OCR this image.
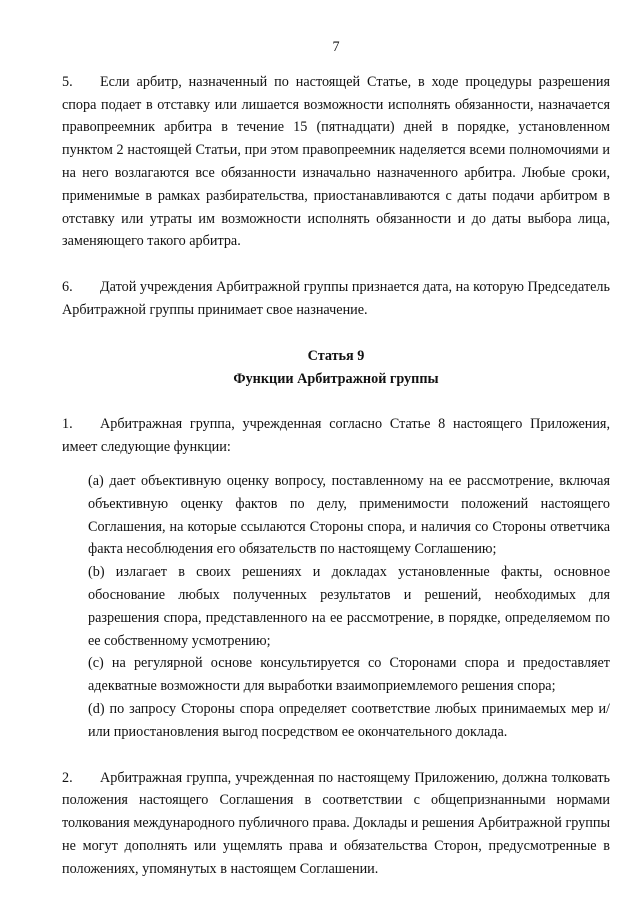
7

5. Если арбитр, назначенный по настоящей Статье, в ходе процедуры разрешения спора подает в отставку или лишается возможности исполнять обязанности, назначается правопреемник арбитра в течение 15 (пятнадцати) дней в порядке, установленном пунктом 2 настоящей Статьи, при этом правопреемник наделяется всеми полномочиями и на него возлагаются все обязанности изначально назначенного арбитра. Любые сроки, применимые в рамках разбирательства, приостанавливаются с даты подачи арбитром в отставку или утраты им возможности исполнять обязанности и до даты выбора лица, заменяющего такого арбитра.

6. Датой учреждения Арбитражной группы признается дата, на которую Председатель Арбитражной группы принимает свое назначение.

Статья 9

Функции Арбитражной группы

1. Арбитражная группа, учрежденная согласно Статье 8 настоящего Приложения, имеет следующие функции:

(a) дает объективную оценку вопросу, поставленному на ее рассмотрение, включая объективную оценку фактов по делу, применимости положений настоящего Соглашения, на которые ссылаются Стороны спора, и наличия со Стороны ответчика факта несоблюдения его обязательств по настоящему Соглашению;

(b) излагает в своих решениях и докладах установленные факты, основное обоснование любых полученных результатов и решений, необходимых для разрешения спора, представленного на ее рассмотрение, в порядке, определяемом по ее собственному усмотрению;

(c) на регулярной основе консультируется со Сторонами спора и предоставляет адекватные возможности для выработки взаимоприемлемого решения спора;

(d) по запросу Стороны спора определяет соответствие любых принимаемых мер и/или приостановления выгод посредством ее окончательного доклада.

2. Арбитражная группа, учрежденная по настоящему Приложению, должна толковать положения настоящего Соглашения в соответствии с общепризнанными нормами толкования международного публичного права. Доклады и решения Арбитражной группы не могут дополнять или ущемлять права и обязательства Сторон, предусмотренные в положениях, упомянутых в настоящем Соглашении.
